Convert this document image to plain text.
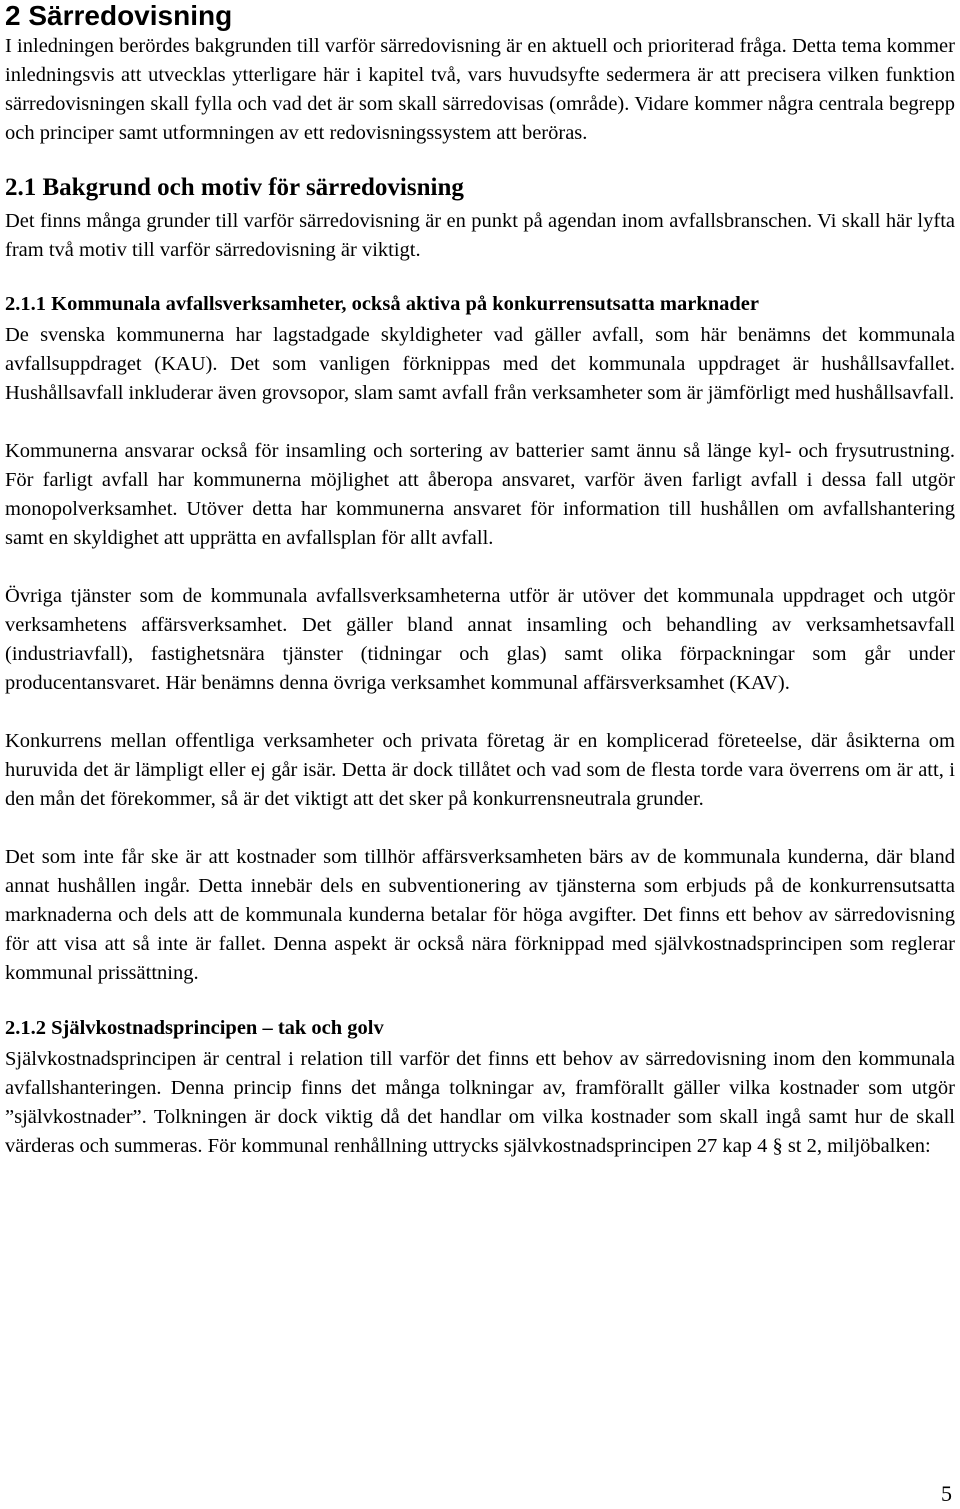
2 Särredovisning

I inledningen berördes bakgrunden till varför särredovisning är en aktuell och prioriterad fråga. Detta tema kommer inledningsvis att utvecklas ytterligare här i kapitel två, vars huvudsyfte sedermera är att precisera vilken funktion särredovisningen skall fylla och vad det är som skall särredovisas (område). Vidare kommer några centrala begrepp och principer samt utformningen av ett redovisningssystem att beröras.

2.1 Bakgrund och motiv för särredovisning

Det finns många grunder till varför särredovisning är en punkt på agendan inom avfallsbranschen. Vi skall här lyfta fram två motiv till varför särredovisning är viktigt.

2.1.1 Kommunala avfallsverksamheter, också aktiva på konkurrensutsatta marknader

De svenska kommunerna har lagstadgade skyldigheter vad gäller avfall, som här benämns det kommunala avfallsuppdraget (KAU). Det som vanligen förknippas med det kommunala uppdraget är hushållsavfallet. Hushållsavfall inkluderar även grovsopor, slam samt avfall från verksamheter som är jämförligt med hushållsavfall.

Kommunerna ansvarar också för insamling och sortering av batterier samt ännu så länge kyl- och frysutrustning. För farligt avfall har kommunerna möjlighet att åberopa ansvaret, varför även farligt avfall i dessa fall utgör monopolverksamhet. Utöver detta har kommunerna ansvaret för information till hushållen om avfallshantering samt en skyldighet att upprätta en avfallsplan för allt avfall.

Övriga tjänster som de kommunala avfallsverksamheterna utför är utöver det kommunala uppdraget och utgör verksamhetens affärsverksamhet. Det gäller bland annat insamling och behandling av verksamhetsavfall (industriavfall), fastighetsnära tjänster (tidningar och glas) samt olika förpackningar som går under producentansvaret. Här benämns denna övriga verksamhet kommunal affärsverksamhet (KAV).

Konkurrens mellan offentliga verksamheter och privata företag är en komplicerad företeelse, där åsikterna om huruvida det är lämpligt eller ej går isär. Detta är dock tillåtet och vad som de flesta torde vara överrens om är att, i den mån det förekommer, så är det viktigt att det sker på konkurrensneutrala grunder.

Det som inte får ske är att kostnader som tillhör affärsverksamheten bärs av de kommunala kunderna, där bland annat hushållen ingår. Detta innebär dels en subventionering av tjänsterna som erbjuds på de konkurrensutsatta marknaderna och dels att de kommunala kunderna betalar för höga avgifter. Det finns ett behov av särredovisning för att visa att så inte är fallet. Denna aspekt är också nära förknippad med självkostnadsprincipen som reglerar kommunal prissättning.

2.1.2 Självkostnadsprincipen – tak och golv

Självkostnadsprincipen är central i relation till varför det finns ett behov av särredovisning inom den kommunala avfallshanteringen. Denna princip finns det många tolkningar av, framförallt gäller vilka kostnader som utgör ”självkostnader”. Tolkningen är dock viktig då det handlar om vilka kostnader som skall ingå samt hur de skall värderas och summeras. För kommunal renhållning uttrycks självkostnadsprincipen 27 kap 4 § st 2, miljöbalken:

5
